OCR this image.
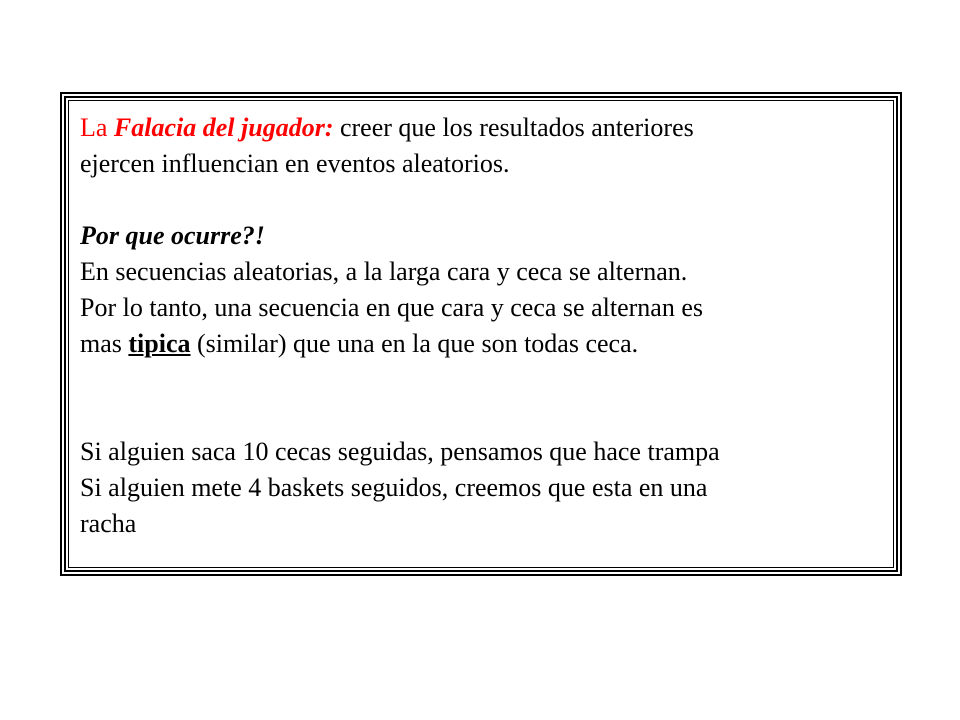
La Falacia del jugador: creer que los resultados anteriores
ejercen influencian en eventos aleatorios.
Por que ocurre?!
En secuencias aleatorias, a la larga cara y ceca se alternan.
Por lo tanto, una secuencia en que cara y ceca se alternan es
mas tipica (similar) que una en la que son todas ceca.
Si alguien saca 10 cecas seguidas, pensamos que hace trampa
Si alguien mete 4 baskets seguidos, creemos que esta en una
racha
